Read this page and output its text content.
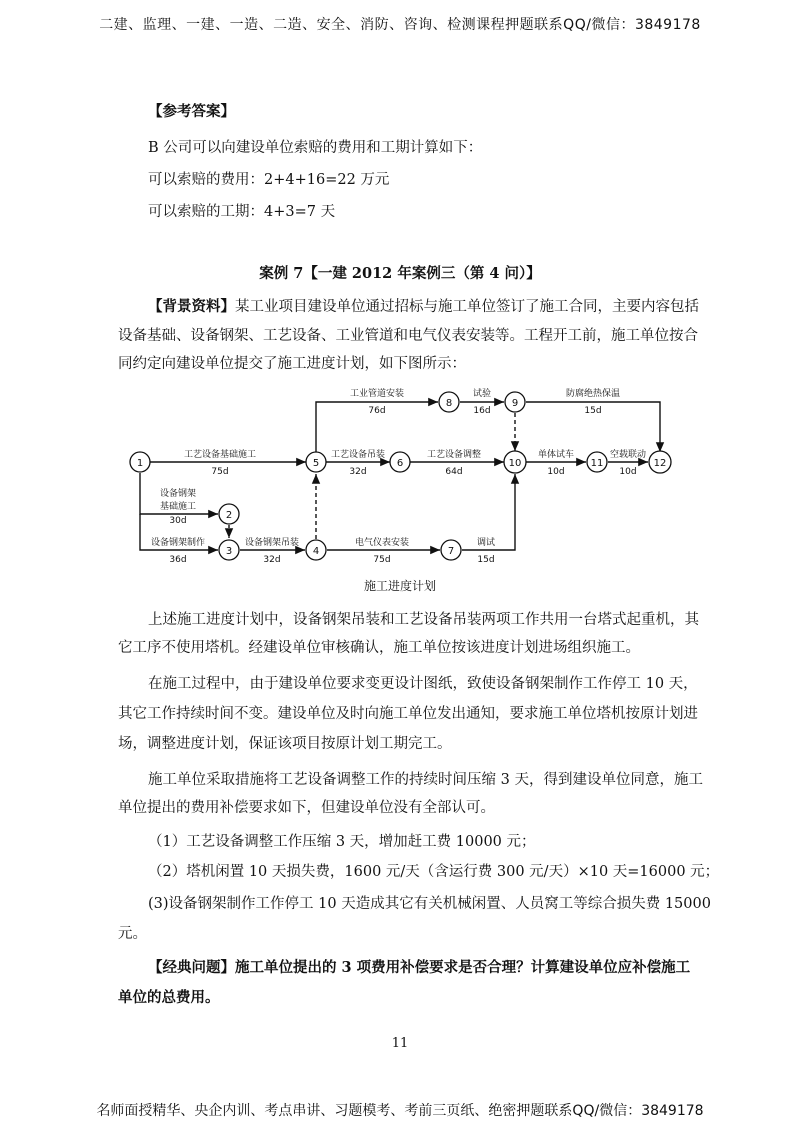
二建、监理、一建、一造、二造、安全、消防、咨询、检测课程押题联系QQ/微信：3849178
【参考答案】
B 公司可以向建设单位索赔的费用和工期计算如下：
可以索赔的费用：2+4+16=22 万元
可以索赔的工期：4+3=7 天
案例 7【一建 2012 年案例三（第 4 问）】
【背景资料】某工业项目建设单位通过招标与施工单位签订了施工合同，主要内容包括
设备基础、设备钢架、工艺设备、工业管道和电气仪表安装等。工程开工前，施工单位按合
同约定向建设单位提交了施工进度计划，如下图所示：
1
2
3	4
5	6
7
8	9
10	11	12
工艺设备基础施工
75d
工业管道安装
76d
试验
16d
防腐绝热保温
15d
工艺设备吊装
32d
工艺设备调整
64d
单体试车
10d
空载联动
10d
设备钢架
基础施工
30d
设备钢架制作
36d
设备钢架吊装
32d
电气仪表安装
75d
调试
15d
施工进度计划
上述施工进度计划中，设备钢架吊装和工艺设备吊装两项工作共用一台塔式起重机，其
它工序不使用塔机。经建设单位审核确认，施工单位按该进度计划进场组织施工。
在施工过程中，由于建设单位要求变更设计图纸，致使设备钢架制作工作停工 10 天，
其它工作持续时间不变。建设单位及时向施工单位发出通知，要求施工单位塔机按原计划进
场，调整进度计划，保证该项目按原计划工期完工。
施工单位采取措施将工艺设备调整工作的持续时间压缩 3 天，得到建设单位同意，施工
单位提出的费用补偿要求如下，但建设单位没有全部认可。
（1）工艺设备调整工作压缩 3 天，增加赶工费 10000 元；
（2）塔机闲置 10 天损失费，1600 元/天（含运行费 300 元/天）×10 天=16000 元；
(3)设备钢架制作工作停工 10 天造成其它有关机械闲置、人员窝工等综合损失费 15000
元。
【经典问题】施工单位提出的 3 项费用补偿要求是否合理？计算建设单位应补偿施工
单位的总费用。
11
名师面授精华、央企内训、考点串讲、习题模考、考前三页纸、绝密押题联系QQ/微信：3849178
